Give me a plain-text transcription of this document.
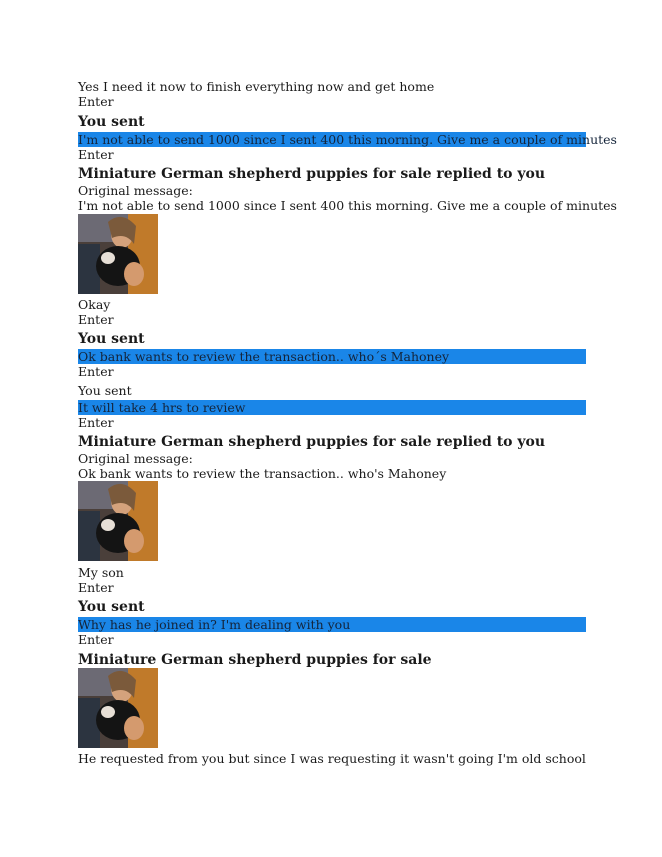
Yes I need it now to finish everything now and get home
Enter
You sent
I'm not able to send 1000 since I sent 400 this morning. Give me a couple of minutes
Enter
Miniature German shepherd puppies for sale replied to you
Original message:
I'm not able to send 1000 since I sent 400 this morning. Give me a couple of minutes
Okay
Enter
You sent
Ok bank wants to review the transaction.. who´s Mahoney
Enter
You sent
It will take 4 hrs to review
Enter
Miniature German shepherd puppies for sale replied to you
Original message:
Ok bank wants to review the transaction.. who's Mahoney
My son
Enter
You sent
Why has he joined in? I'm dealing with you
Enter
Miniature German shepherd puppies for sale
He requested from you but since I was requesting it wasn't going I'm old school
